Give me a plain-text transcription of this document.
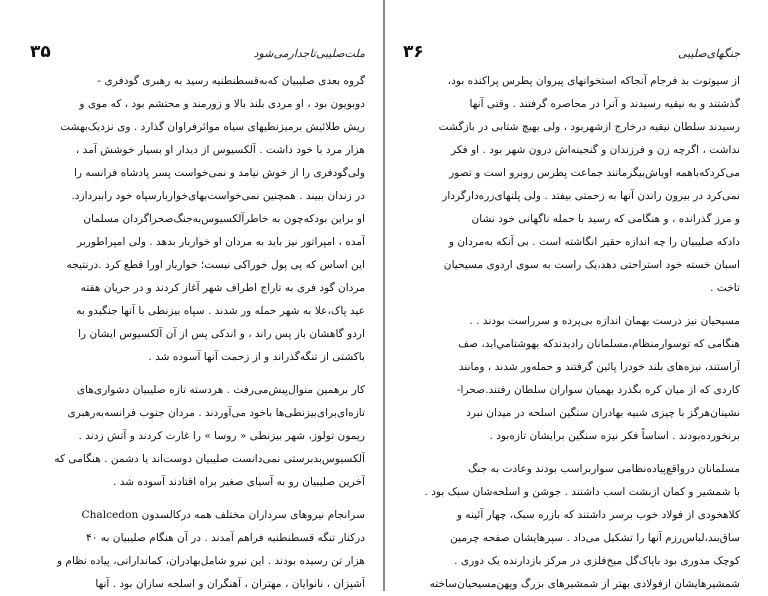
ملت‌صلیبی‌تاجدارمی‌شود
۳۵
گروه بعدی صلیبیان که‌به‌قسطنطنیه رسید به رهبری گودفری -
دوبویون بود ، او مردی بلند بالا و زورمند و محتشم بود ، که موی و
ریش طلائیش برمیزنطیهای سیاه موائرفراوان گذارد . وی نزدیک‌بهشت
هزار مرد با خود داشت . آلکسیوس از دیدار او بسیار خوشش آمد ،
ولی‌گودفری را از خوش نیامد و نمی‌خواست پسر پادشاه فرانسه را
در زندان ببیند . همچنین نمی‌خواست‌بهای‌خوار‌بارسپاه خود راببردازد.
او براین بود‌که‌چون به خاطرآلکسیوس‌به‌جنگ‌صحراگردان مسلمان
آمده ، امپراتور نیز باید به مردان او خواربار بدهد . ولی امپراطوربر
این اساس که پی پول خوراکی نیست؛ خواربار اورا قطع کرد .درنتیجه
مردان گود فری به تاراج اطراف شهر آغاز کردند و در جریان هفته
عید پاک‌،علا به شهر حمله ور شدند . سپاه بیزنطی با آنها جنگیدو به
اردو گاهشان باز پس راند ، و اندکی پس از آن آلکسیوس ایشان را
با‌کشتی از تنگه‌گذراند و از زحمت آنها آسوده شد .
کار برهمین منوال‌پیش‌می‌رفت . هردسته تازه صلیبیان دشواری‌های
تازه‌ای‌برای‌بیزنطی‌ها باخود می‌آوردند . مردان جنوب فرانسه‌به‌رهبری
ریمون تولوز، شهر بیزنطی « روسا » را غارت کردند و آتش زدند .
آلکسیوس‌بدبرستی نمی‌دانست صلیبیان دوست‌اند یا دشمن . هنگامی که
آخرین صلیبیان رو به آسیای صغیر براه افتادند آسوده شد .
سرانجام نیروهای سرداران مختلف همه درکالسدون Chalcedon
درکنار تنگه قسطنطنیه فراهم آمدند . در آن هنگام صلیبیان به ۴۰
هزار تن رسیده بودند . این نیرو شامل‌بهادران، کماندارانی، پیاده نظام و
آشپزان ، نانوایان ، مهتران ، آهنگران و اسلحه سازان بود . آنها
جنگهای‌صلیبی
۳۶
از سیوتوت بد فرجام آنجاکه استخوانهای پیروان پطرس پراکنده بود،
گذشتند و به نیقیه رسیدند و آنرا در محاصره گرفتند . وقتی آنها
رسیدند سلطان نیقیه درخارج ازشهربود ، ولی بهیچ شتابی در بازگشت
نداشت ، اگرچه زن و فرزندان و گنجینه‌اش درون شهر بود . او فکر
می‌کرد‌که‌باهمه اوباش‌بیگرمانند جماعت پطرس روبرو است و تصور
نمی‌کرد در بیرون راندن آنها به زحمتی بیفتد . ولی پلنهای‌زره‌دارگردار
و مرز گذرانده ، و هنگامی که رسید با حمله ناگهانی خود نشان
داد‌که صلیبیان را چه اندازه حقیر انگاشته است . بی آنکه به‌مردان و
اسبان خسته خود استراحتی دهد،یک راست به سوی اردوی مسیحیان
تاخت .
مسیحیان نیز درست بهمان اندازه بی‌پرده و سرراست بودند . .
هنگامی که توسوارمنظام،مسلمانان راديدندكه بهوشتامي‌اید، صف
آراستند، نیزه‌های بلند خودرا پائین گرفتند و حمله‌ور شدند ، ومانند
کاردی که از میان کره بگذرد بهمیان سواران سلطان رفتند.صحرا-
نشینان‌هرگز با چیزی شبیه بهادران سنگین اسلحه در میدان نبرد
برنخورده‌بودند . اساساً فکر نیزه‌ سنگین برایشان تازه‌بود .
مسلمانان درواقع‌پیاده‌نظامی سواربراسب بودند وعادت به جنگ
با شمشیر و کمان ازبشت اسب داشتند . جوشن و اسلحه‌شان سبک بود .
کلاهخودی از فولاد خوب برسر داشتند که بازره سبک، چهار آئینه و
ساق‌بند،لباس‌رزم آنها را تشکیل می‌داد . سپرهایشان صفحه چرمین
کوچک مدوری بود باپاک‌گل میخ‌فلزی در مرکز بازدارنده یک دوری .
شمشیرهایشان ازفولادی بهتر از شمشیرهای بزرگ وپهن‌مسیحیان‌ساخته
